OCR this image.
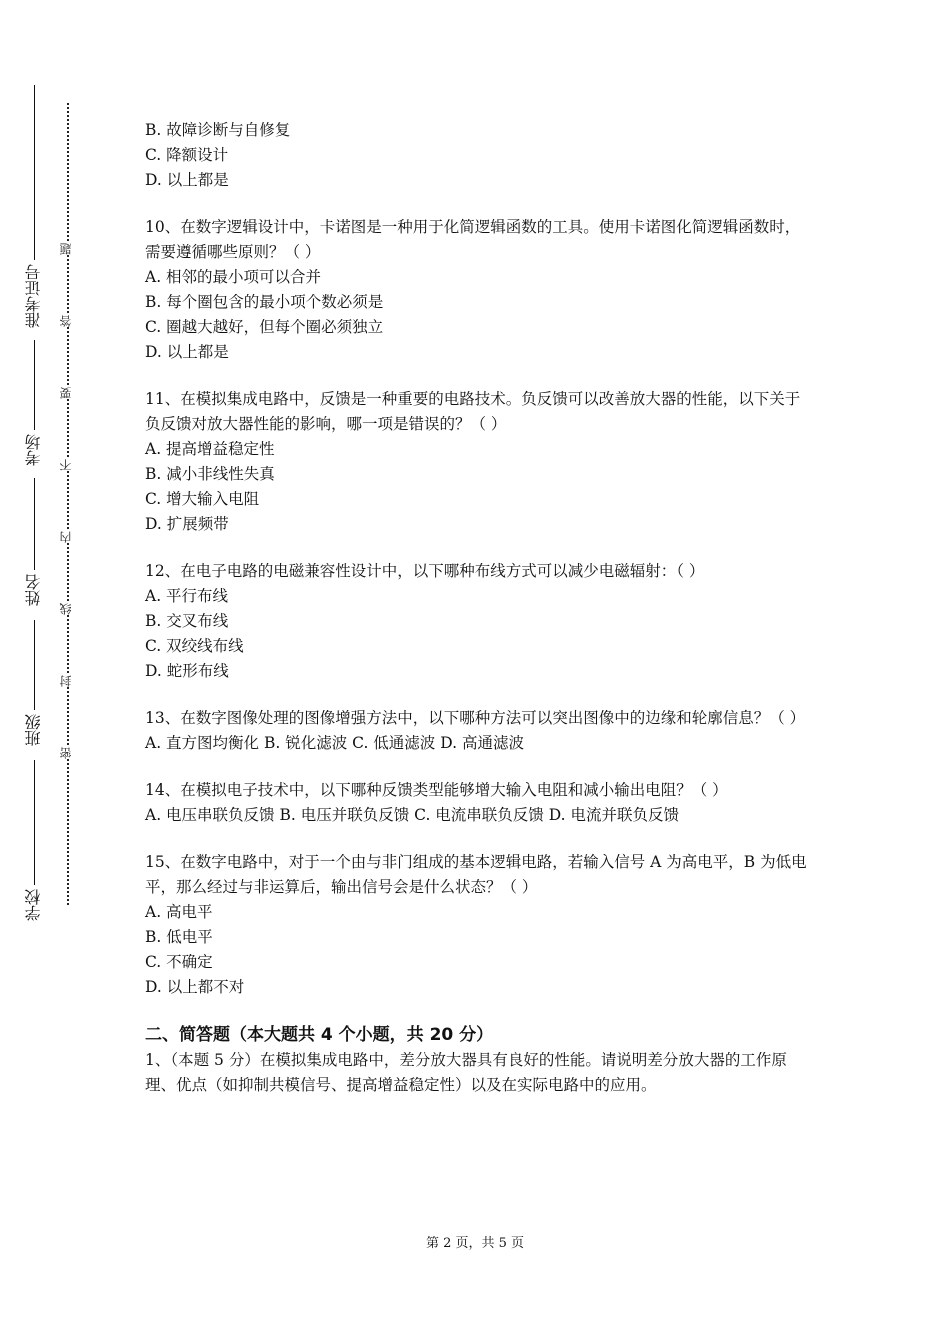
准考证号
考场
姓名
班级
学校
题
答
要
不
内
线
封
密
B. 故障诊断与自修复
C. 降额设计
D. 以上都是
10、在数字逻辑设计中，卡诺图是一种用于化简逻辑函数的工具。使用卡诺图化简逻辑函数时，需要遵循哪些原则？（ ）
A. 相邻的最小项可以合并
B. 每个圈包含的最小项个数必须是
C. 圈越大越好，但每个圈必须独立
D. 以上都是
11、在模拟集成电路中，反馈是一种重要的电路技术。负反馈可以改善放大器的性能，以下关于负反馈对放大器性能的影响，哪一项是错误的？（ ）
A. 提高增益稳定性
B. 减小非线性失真
C. 增大输入电阻
D. 扩展频带
12、在电子电路的电磁兼容性设计中，以下哪种布线方式可以减少电磁辐射：（ ）
A. 平行布线
B. 交叉布线
C. 双绞线布线
D. 蛇形布线
13、在数字图像处理的图像增强方法中，以下哪种方法可以突出图像中的边缘和轮廓信息？（ ）
A. 直方图均衡化 B. 锐化滤波 C. 低通滤波 D. 高通滤波
14、在模拟电子技术中，以下哪种反馈类型能够增大输入电阻和减小输出电阻？（ ）
A. 电压串联负反馈 B. 电压并联负反馈 C. 电流串联负反馈 D. 电流并联负反馈
15、在数字电路中，对于一个由与非门组成的基本逻辑电路，若输入信号 A 为高电平，B 为低电平，那么经过与非运算后，输出信号会是什么状态？（ ）
A. 高电平
B. 低电平
C. 不确定
D. 以上都不对
二、简答题（本大题共 4 个小题，共 20 分）
1、（本题 5 分）在模拟集成电路中，差分放大器具有良好的性能。请说明差分放大器的工作原理、优点（如抑制共模信号、提高增益稳定性）以及在实际电路中的应用。
第 2 页，共 5 页
